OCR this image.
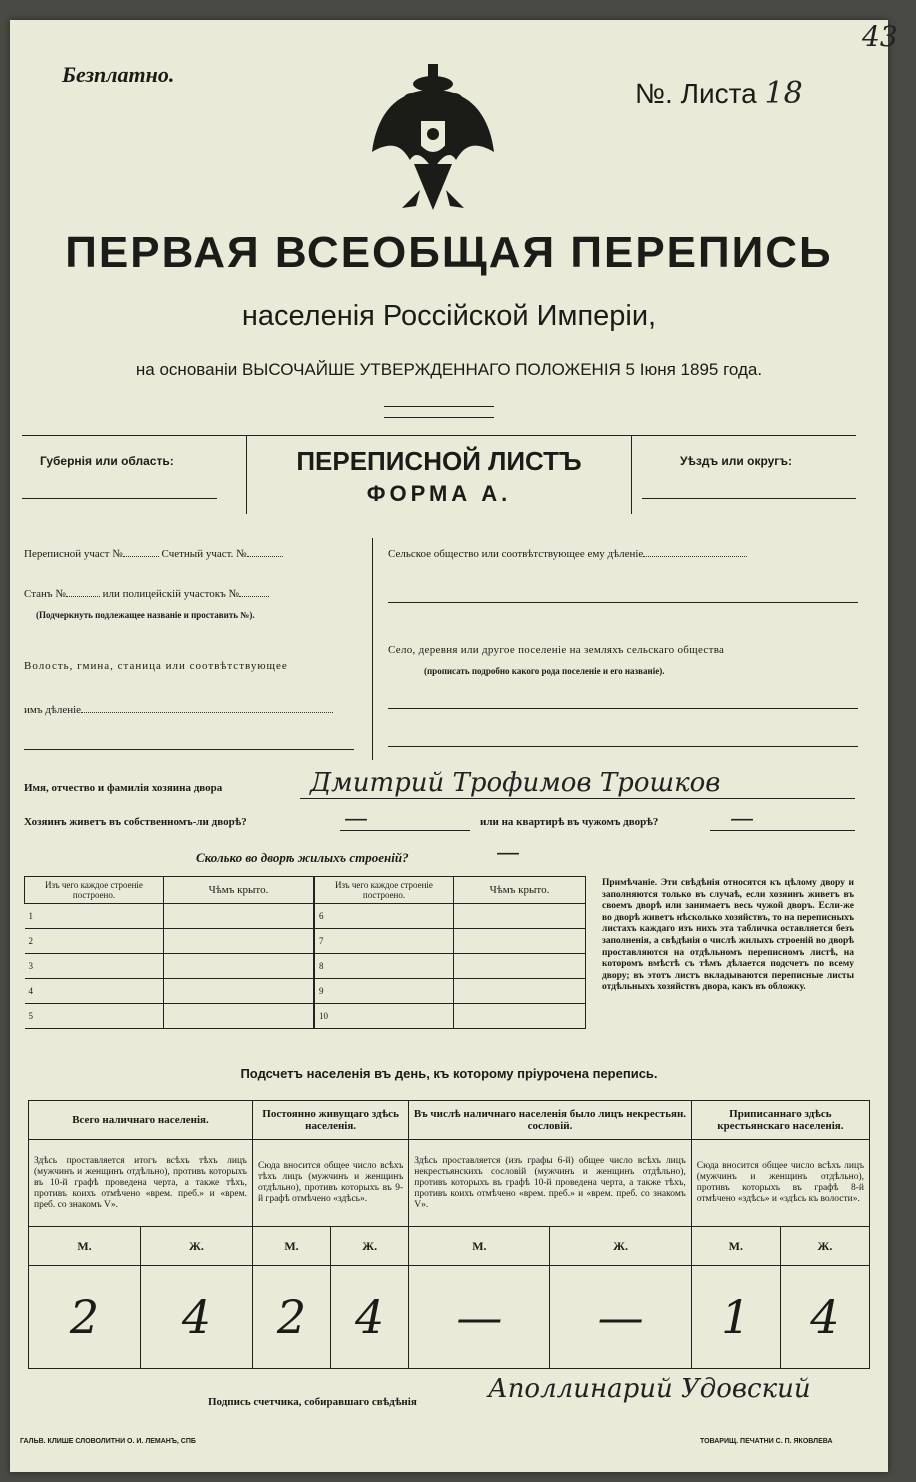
Безплатно.
№. Листа 18
43
ПЕРВАЯ ВСЕОБЩАЯ ПЕРЕПИСЬ
населенія Россійской Имперіи,
на основаніи ВЫСОЧАЙШЕ УТВЕРЖДЕННАГО ПОЛОЖЕНІЯ 5 Іюня 1895 года.
Губернія или область:	ПЕРЕПИСНОЙ ЛИСТЪ
ФОРМА А.
Уѣздъ или округъ:
Переписной участ №	Счетный участ. №
Станъ №	или полицейскій участокъ №
(Подчеркнуть подлежащее названіе и проставить №).
Волость, гмина, станица или соотвѣтствующее
имъ дѣленіе
Сельское общество или соотвѣтствующее ему дѣленіе
Село, деревня или другое поселеніе на земляхъ сельскаго общества
(прописать подробно какого рода поселеніе и его названіе).
Имя, отчество и фамилія хозяина двора	Дмитрий Трофимов Трошков
Хозяинъ живетъ въ собственномъ-ли дворѣ?	—	или на квартирѣ въ чужомъ дворѣ?	—
Сколько во дворѣ жилыхъ строеній?	—
Изъ чего каждое строеніе построено.	Чѣмъ крыто.
1	
2	
3	
4	
5	
Изъ чего каждое строеніе построено.	Чѣмъ крыто.
6	
7	
8	
9	
10	
Примѣчаніе. Эти свѣдѣнія относятся къ цѣлому двору и заполняются только въ случаѣ, если хозяинъ живетъ въ своемъ дворѣ или занимаетъ весь чужой дворъ. Если-же во дворѣ живетъ нѣсколько хозяйствъ, то на переписныхъ листахъ каждаго изъ нихъ эта табличка оставляется безъ заполненія, а свѣдѣнія о числѣ жилыхъ строеній во дворѣ проставляются на отдѣльномъ переписномъ листѣ, на которомъ вмѣстѣ съ тѣмъ дѣлается подсчетъ по всему двору; въ этотъ листъ вкладываются переписные листы отдѣльныхъ хозяйствъ двора, какъ въ обложку.
Подсчетъ населенія въ день, къ которому пріурочена перепись.
Всего наличнаго населенія.		Постоянно живущаго здѣсь населенія.		Въ числѣ наличнаго населенія было лицъ некрестьян. сословій.		Приписаннаго здѣсь крестьянскаго населенія.	
Здѣсь проставляется итогъ всѣхъ тѣхъ лицъ (мужчинъ и женщинъ отдѣльно), противъ которыхъ въ 10-й графѣ проведена черта, а также тѣхъ, противъ коихъ отмѣчено «врем. преб.» и «врем. преб. со знакомъ V».		Сюда вносится общее число всѣхъ тѣхъ лицъ (мужчинъ и женщинъ отдѣльно), противъ которыхъ въ 9-й графѣ отмѣчено «здѣсь».		Здѣсь проставляется (изъ графы 6-й) общее число всѣхъ лицъ некрестьянскихъ сословій (мужчинъ и женщинъ отдѣльно), противъ которыхъ въ графѣ 10-й проведена черта, а также тѣхъ, противъ коихъ отмѣчено «врем. преб.» и «врем. преб. со знакомъ V».		Сюда вносится общее число всѣхъ лицъ (мужчинъ и женщинъ отдѣльно), противъ которыхъ въ графѣ 8-й отмѣчено «здѣсь» и «здѣсь къ волости».	
М.	Ж.	М.	Ж.	М.	Ж.	М.	Ж.
2	4	2	4	—	—	1	4
Подпись счетчика, собиравшаго свѣдѣнія	Аполлинарий Удовский
ГАЛЬВ. КЛИШЕ СЛОВОЛИТНИ О. И. ЛЕМАНЪ, СПБ	ТОВАРИЩ. ПЕЧАТНИ С. П. ЯКОВЛЕВА
